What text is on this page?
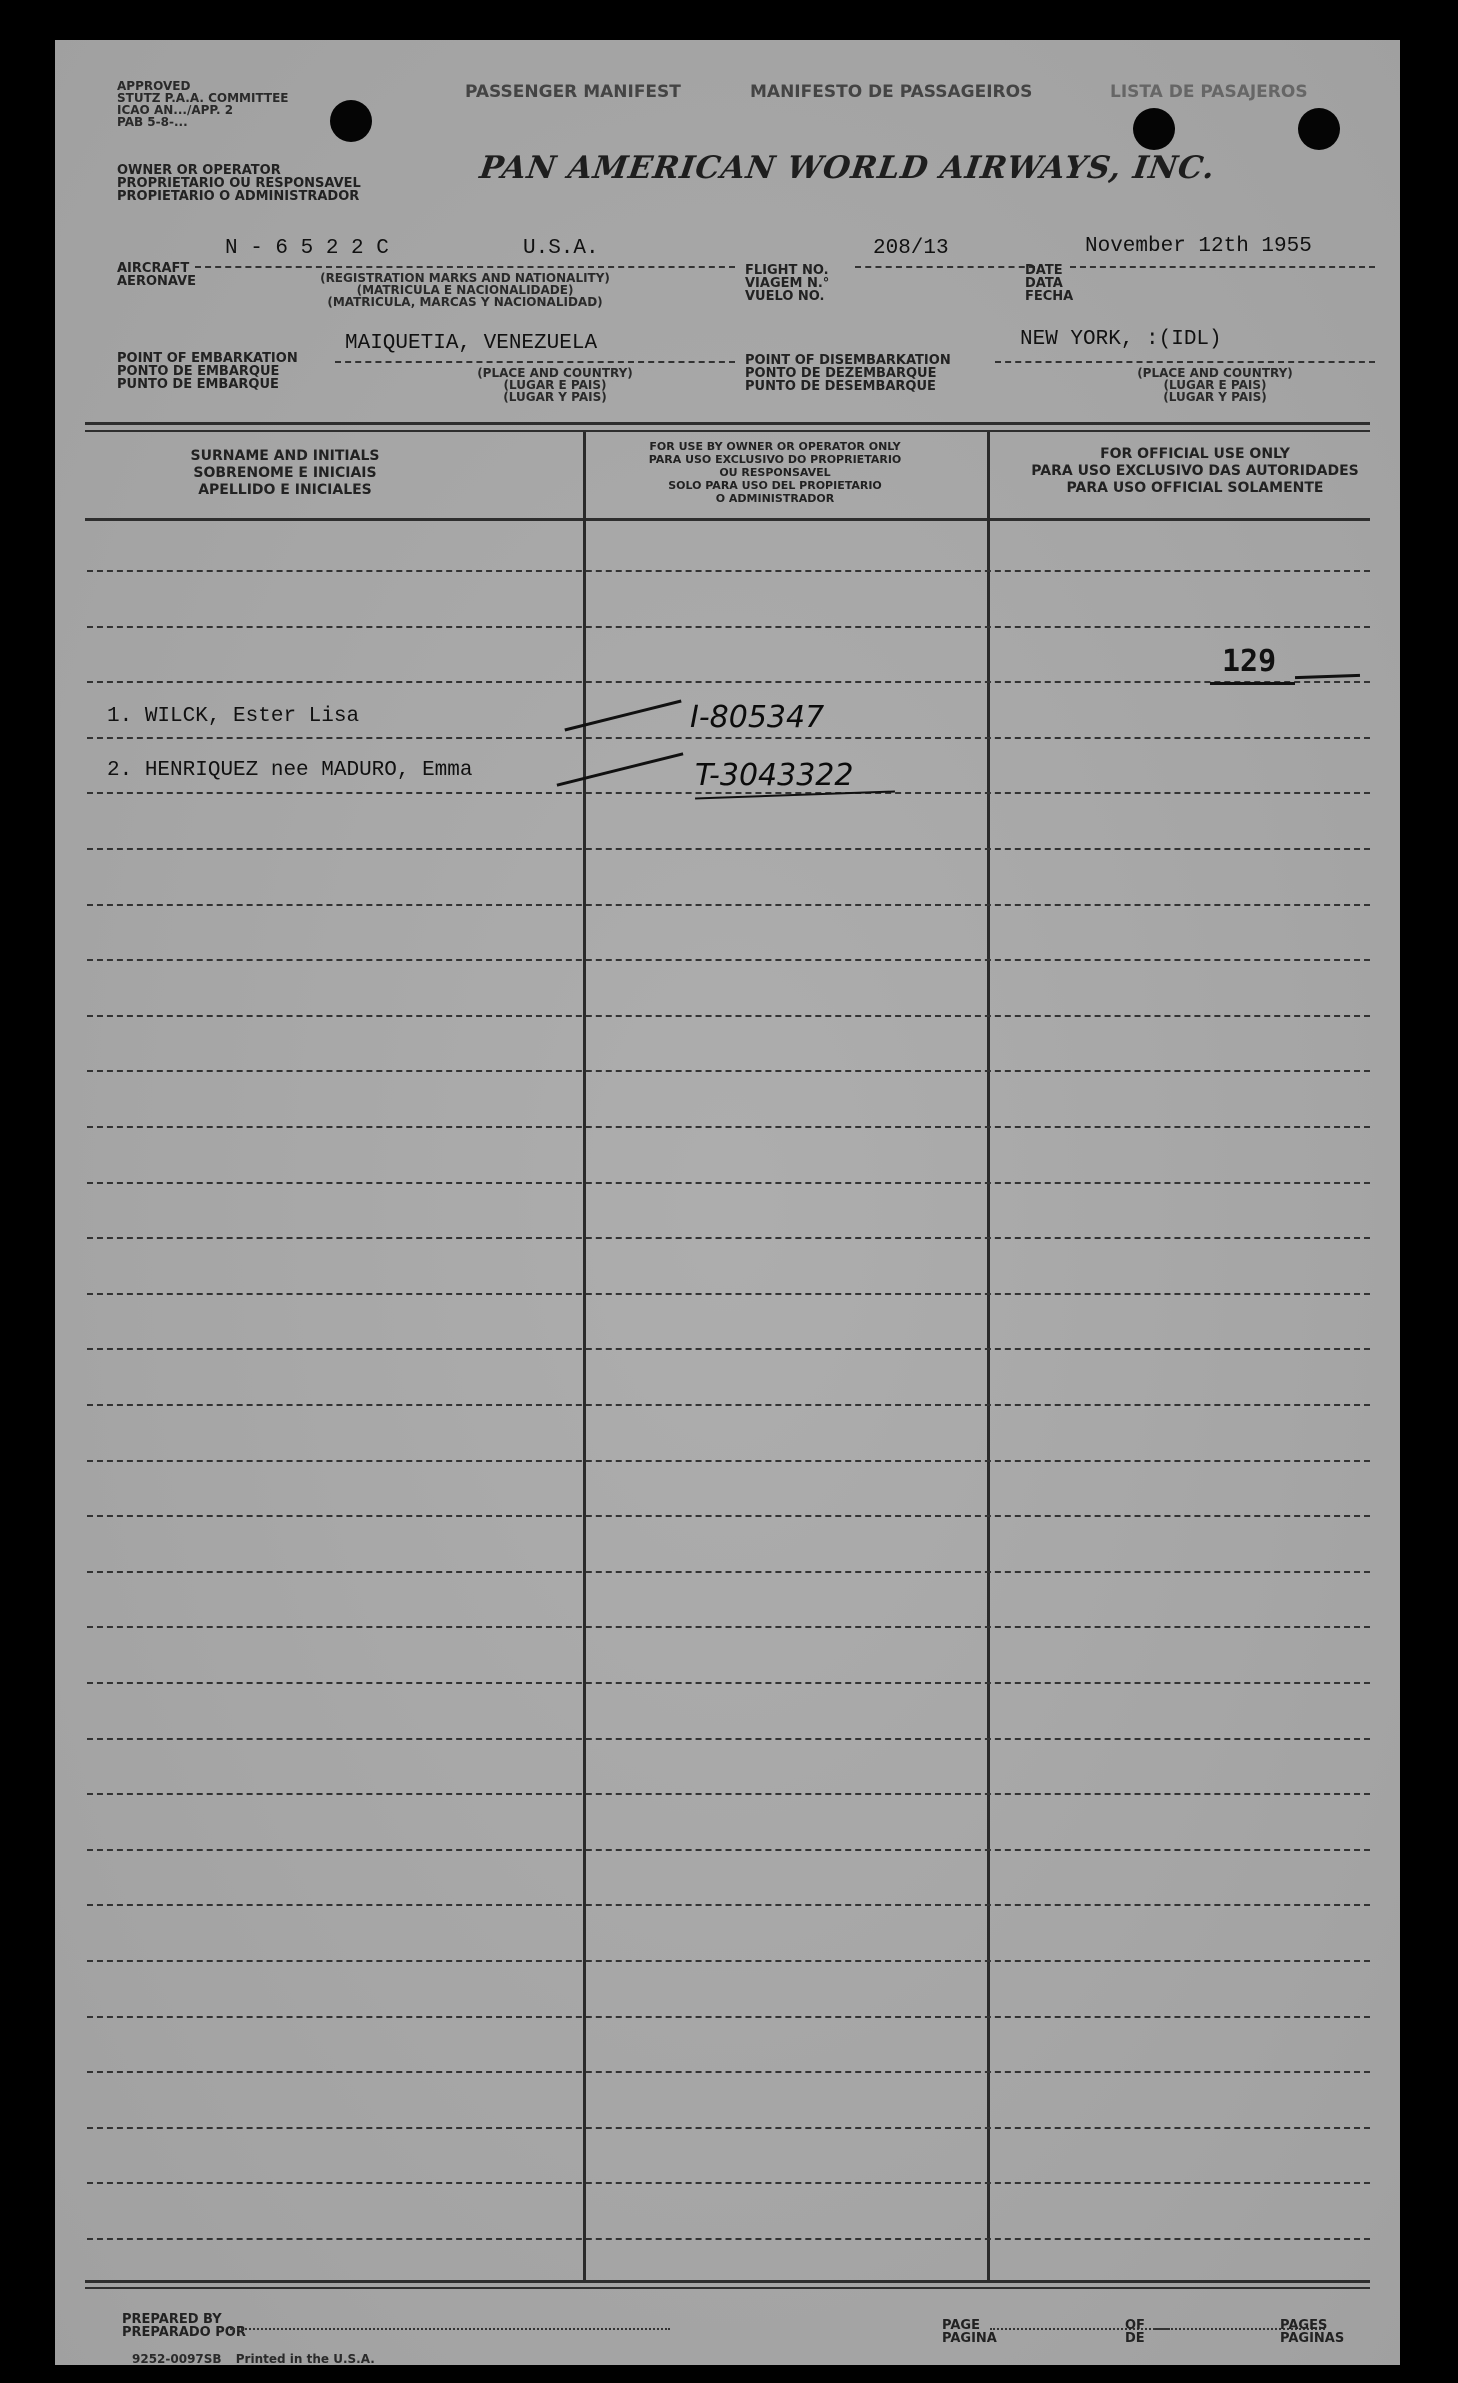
APPROVED
STUTZ P.A.A. COMMITTEE
ICAO AN.../APP. 2
PAB 5-8-...
PASSENGER MANIFEST	MANIFESTO DE PASSAGEIROS	LISTA DE PASAJEROS
OWNER OR OPERATOR
PROPRIETARIO OU RESPONSAVEL
PROPIETARIO O ADMINISTRADOR
PAN AMERICAN WORLD AIRWAYS, INC.
AIRCRAFT
AERONAVE
N - 6 5 2 2 C	U.S.A.
(REGISTRATION MARKS AND NATIONALITY)
(MATRICULA E NACIONALIDADE)
(MATRICULA, MARCAS Y NACIONALIDAD)
FLIGHT NO.
VIAGEM N.°
VUELO NO.
208/13
DATE
DATA
FECHA
November 12th 1955
POINT OF EMBARKATION
PONTO DE EMBARQUE
PUNTO DE EMBARQUE
MAIQUETIA, VENEZUELA
(PLACE AND COUNTRY)
(LUGAR E PAIS)
(LUGAR Y PAIS)
POINT OF DISEMBARKATION
PONTO DE DEZEMBARQUE
PUNTO DE DESEMBARQUE
NEW YORK, :(IDL)
(PLACE AND COUNTRY)
(LUGAR E PAIS)
(LUGAR Y PAIS)
SURNAME AND INITIALS
SOBRENOME E INICIAIS
APELLIDO E INICIALES
FOR USE BY OWNER OR OPERATOR ONLY
PARA USO EXCLUSIVO DO PROPRIETARIO
OU RESPONSAVEL
SOLO PARA USO DEL PROPIETARIO
O ADMINISTRADOR
FOR OFFICIAL USE ONLY
PARA USO EXCLUSIVO DAS AUTORIDADES
PARA USO OFFICIAL SOLAMENTE
129
1. WILCK, Ester Lisa	I-805347
2. HENRIQUEZ nee MADURO, Emma	T-3043322
PREPARED BY
PREPARADO POR
9252-0097SB Printed in the U.S.A.
PAGE
PAGINA
OF
DE
PAGES
PAGINAS
